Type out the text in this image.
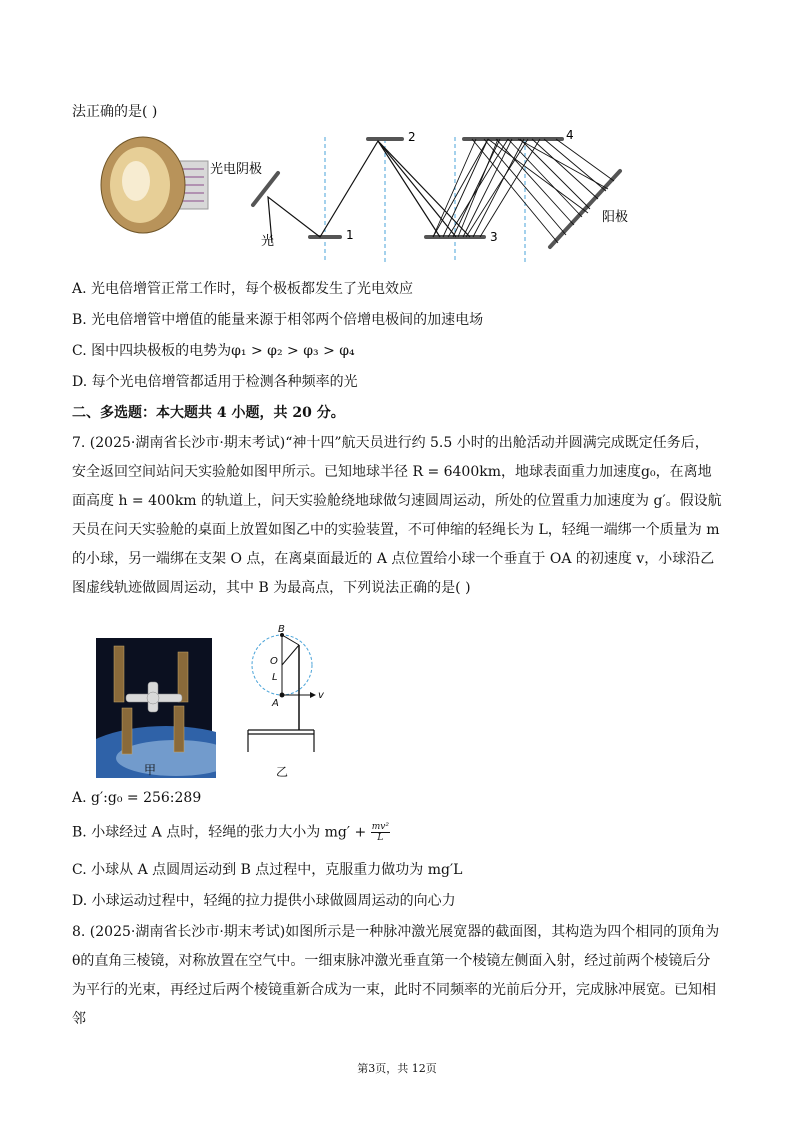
法正确的是( )
光电阴极
光	1
2
3
4
阳极
A. 光电倍增管正常工作时，每个极板都发生了光电效应
B. 光电倍增管中增值的能量来源于相邻两个倍增电极间的加速电场
C. 图中四块极板的电势为φ₁ > φ₂ > φ₃ > φ₄
D. 每个光电倍增管都适用于检测各种频率的光
二、多选题：本大题共 4 小题，共 20 分。
7. (2025·湖南省长沙市·期末考试)“神十四”航天员进行约 5.5 小时的出舱活动并圆满完成既定任务后，安全返回空间站问天实验舱如图甲所示。已知地球半径 R = 6400km，地球表面重力加速度g₀，在离地面高度 h = 400km 的轨道上，问天实验舱绕地球做匀速圆周运动，所处的位置重力加速度为 g′。假设航天员在问天实验舱的桌面上放置如图乙中的实验装置，不可伸缩的轻绳长为 L，轻绳一端绑一个质量为 m 的小球，另一端绑在支架 O 点，在离桌面最近的 A 点位置给小球一个垂直于 OA 的初速度 v，小球沿乙图虚线轨迹做圆周运动，其中 B 为最高点，下列说法正确的是( )
甲
B
O
L
A
v
乙
A. g′:g₀ = 256:289
B. 小球经过 A 点时，轻绳的张力大小为 $mg' + \frac{\text{mv²}}{L}$
C. 小球从 A 点圆周运动到 B 点过程中，克服重力做功为 mg′L
D. 小球运动过程中，轻绳的拉力提供小球做圆周运动的向心力
8. (2025·湖南省长沙市·期末考试)如图所示是一种脉冲激光展宽器的截面图，其构造为四个相同的顶角为θ的直角三棱镜，对称放置在空气中。一细束脉冲激光垂直第一个棱镜左侧面入射，经过前两个棱镜后分为平行的光束，再经过后两个棱镜重新合成为一束，此时不同频率的光前后分开，完成脉冲展宽。已知相邻
第3页，共 12页
